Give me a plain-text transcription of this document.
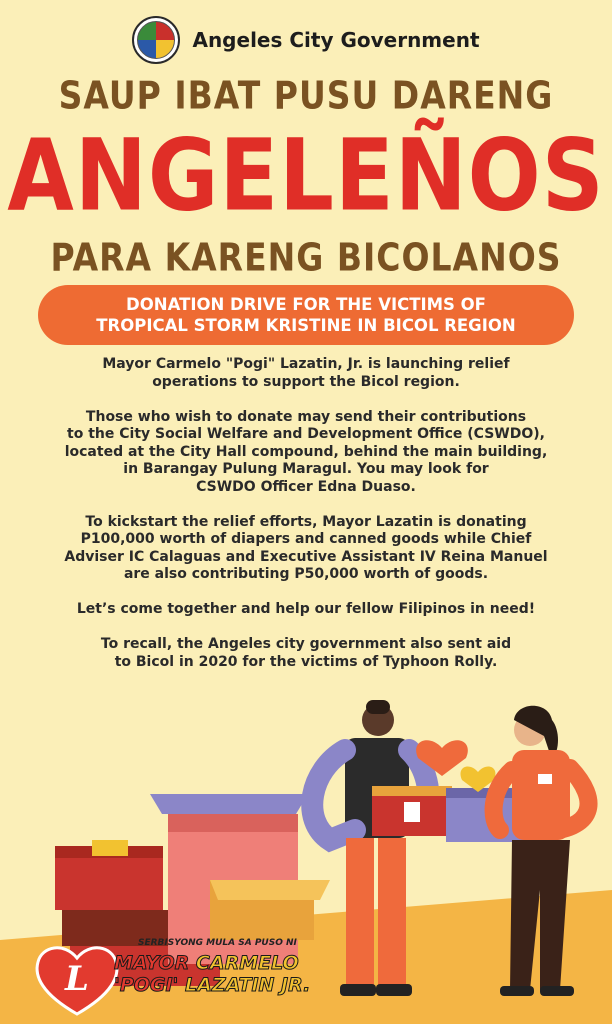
Angeles City Government
SAUP IBAT PUSU DARENG
ANGELEÑOS
PARA KARENG BICOLANOS
DONATION DRIVE FOR THE VICTIMS OF
TROPICAL STORM KRISTINE IN BICOL REGION

Mayor Carmelo "Pogi" Lazatin, Jr. is launching relief
operations to support the Bicol region.

Those who wish to donate may send their contributions
to the City Social Welfare and Development Office (CSWDO),
located at the City Hall compound, behind the main building,
in Barangay Pulung Maragul. You may look for
CSWDO Officer Edna Duaso.

To kickstart the relief efforts, Mayor Lazatin is donating
P100,000 worth of diapers and canned goods while Chief
Adviser IC Calaguas and Executive Assistant IV Reina Manuel
are also contributing P50,000 worth of goods.

Let’s come together and help our fellow Filipinos in need!

To recall, the Angeles city government also sent aid
to Bicol in 2020 for the victims of Typhoon Rolly.

L
SERBISYONG MULA SA PUSO NI
MAYOR CARMELO
'POGI' LAZATIN JR.
